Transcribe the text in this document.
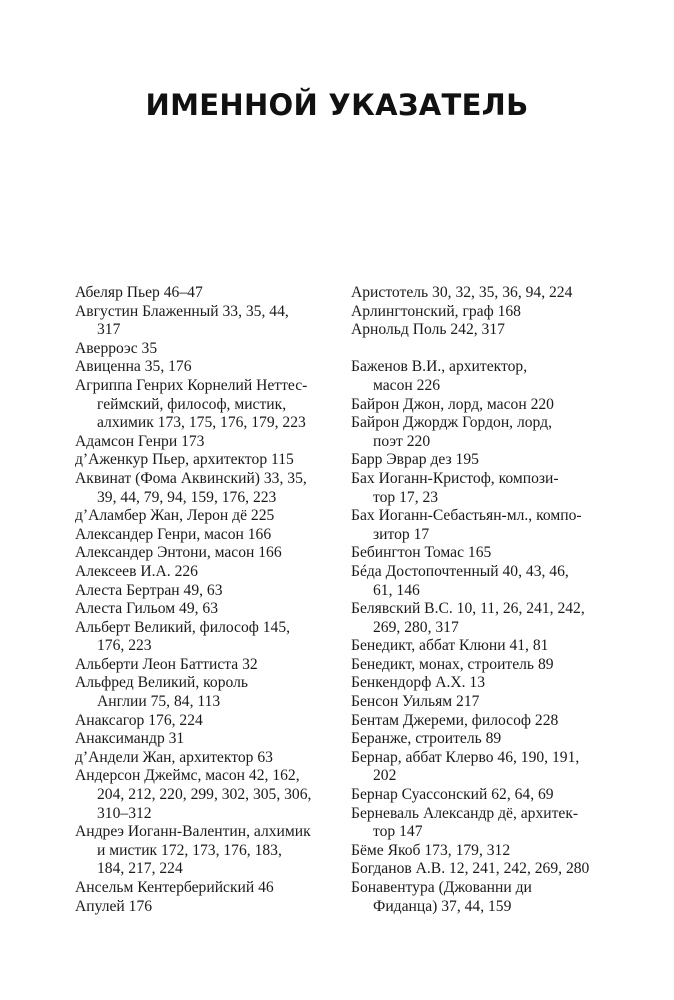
ИМЕННОЙ УКАЗАТЕЛЬ

Абеляр Пьер 46–47

Августин Блаженный 33, 35, 44,
317

Аверроэс 35

Авиценна 35, 176

Агриппа Генрих Корнелий Неттес-
геймский, философ, мистик,
алхимик 173, 175, 176, 179, 223

Адамсон Генри 173

д’Аженкур Пьер, архитектор 115

Аквинат (Фома Аквинский) 33, 35,
39, 44, 79, 94, 159, 176, 223

д’Аламбер Жан, Лерон дё 225

Александер Генри, масон 166

Александер Энтони, масон 166

Алексеев И.А. 226

Алеста Бертран 49, 63

Алеста Гильом 49, 63

Альберт Великий, философ 145,
176, 223

Альберти Леон Баттиста 32

Альфред Великий, король
Англии 75, 84, 113

Анаксагор 176, 224

Анаксимандр 31

д’Андели Жан, архитектор 63

Андерсон Джеймс, масон 42, 162,
204, 212, 220, 299, 302, 305, 306,
310–312

Андреэ Иоганн-Валентин, алхимик
и мистик 172, 173, 176, 183,
184, 217, 224

Ансельм Кентерберийский 46

Апулей 176

Аристотель 30, 32, 35, 36, 94, 224

Арлингтонский, граф 168

Арнольд Поль 242, 317

Баженов В.И., архитектор,
масон 226

Байрон Джон, лорд, масон 220

Байрон Джордж Гордон, лорд,
поэт 220

Барр Эврар дез 195

Бах Иоганн-Кристоф, компози-
тор 17, 23

Бах Иоганн-Себастьян-мл., компо-
зитор 17

Бебингтон Томас 165

Бéда Достопочтенный 40, 43, 46,
61, 146

Белявский В.С. 10, 11, 26, 241, 242,
269, 280, 317

Бенедикт, аббат Клюни 41, 81

Бенедикт, монах, строитель 89

Бенкендорф А.Х. 13

Бенсон Уильям 217

Бентам Джереми, философ 228

Беранже, строитель 89

Бернар, аббат Клерво 46, 190, 191,
202

Бернар Суассонский 62, 64, 69

Берневаль Александр дё, архитек-
тор 147

Бёме Якоб 173, 179, 312

Богданов А.В. 12, 241, 242, 269, 280

Бонавентура (Джованни ди
Фиданца) 37, 44, 159
